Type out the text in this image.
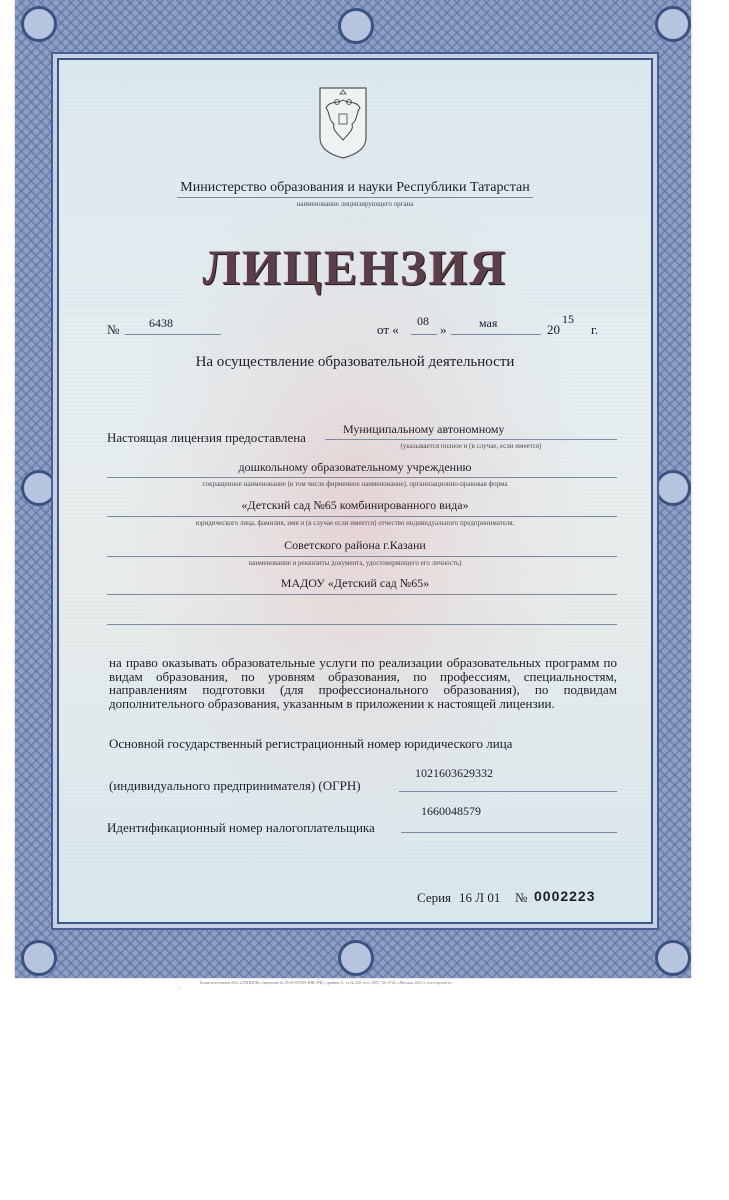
Министерство образования и науки Республики Татарстан
наименование лицензирующего органа
ЛИЦЕНЗИЯ
№ 6438	от «
08
»	мая	20
15
г.
На осуществление образовательной деятельности
Настоящая лицензия предоставлена
Муниципальному автономному
(указывается полное и (в случае, если имеется)
дошкольному образовательному учреждению
сокращенное наименование (в том числе фирменное наименование), организационно-правовая форма
«Детский сад №65 комбинированного вида»
юридического лица, фамилия, имя и (в случае если имеется) отчество индивидуального предпринимателя,
Советского района г.Казани
наименование и реквизиты документа, удостоверяющего его личность)
МАДОУ «Детский сад №65»
на право оказывать образовательные услуги по реализации образовательных программ по видам образования, по уровням образования, по профессиям, специальностям, направлениям подготовки (для профессионального образования), по подвидам дополнительного образования, указанным в приложении к настоящей лицензии.
Основной государственный регистрационный номер юридического лица
(индивидуального предпринимателя) (ОГРН)
1021603629332
1660048579
Идентификационный номер налогоплательщика
Серия 16 Л 01 № 0002223
ˌ	Бланк изготовлен ЗАО «ОПЦИОН» (лицензия № 05-05-09/003 ФНС РФ), уровень А, т.з.№ 320, тел. (495) 726-4742, г.Москва, 2014 г. www.opcion.ru
